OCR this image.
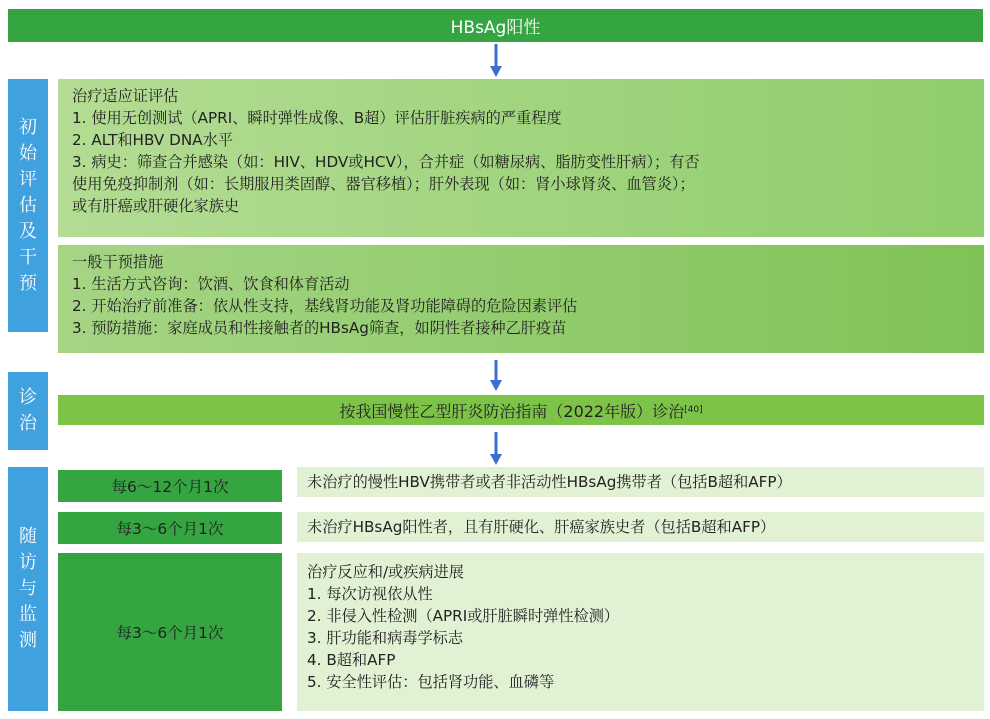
HBsAg阳性
初始评估及干预
治疗适应证评估
1. 使用无创测试（APRI、瞬时弹性成像、B超）评估肝脏疾病的严重程度
2. ALT和HBV DNA水平
3. 病史：筛查合并感染（如：HIV、HDV或HCV），合并症（如糖尿病、脂肪变性肝病）；有否
使用免疫抑制剂（如：长期服用类固醇、器官移植）；肝外表现（如：肾小球肾炎、血管炎）；
或有肝癌或肝硬化家族史
一般干预措施
1. 生活方式咨询：饮酒、饮食和体育活动
2. 开始治疗前准备：依从性支持，基线肾功能及肾功能障碍的危险因素评估
3. 预防措施：家庭成员和性接触者的HBsAg筛查，如阴性者接种乙肝疫苗
诊治
按我国慢性乙型肝炎防治指南（2022年版）诊治 [40]
随访与监测
每6～12个月1次	未治疗的慢性HBV携带者或者非活动性HBsAg携带者（包括B超和AFP）
每3～6个月1次	未治疗HBsAg阳性者，且有肝硬化、肝癌家族史者（包括B超和AFP）
每3～6个月1次
治疗反应和/或疾病进展
1. 每次访视依从性
2. 非侵入性检测（APRI或肝脏瞬时弹性检测）
3. 肝功能和病毒学标志
4. B超和AFP
5. 安全性评估：包括肾功能、血磷等
